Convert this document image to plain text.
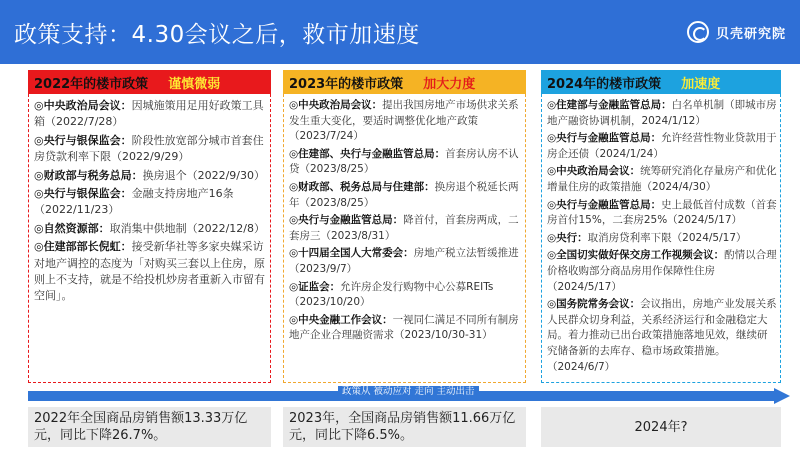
政策支持：4.30会议之后，救市加速度	贝壳研究院
2022年的楼市政策 谨慎微弱
◎中央政治局会议：因城施策用足用好政策工具箱（2022/7/28）
◎央行与银保监会：阶段性放宽部分城市首套住房贷款利率下限（2022/9/29）
◎财政部与税务总局：换房退个（2022/9/30）
◎央行与银保监会：金融支持房地产16条（2022/11/23）
◎自然资源部：取消集中供地制（2022/12/8）
◎住建部部长倪虹：接受新华社等多家央媒采访对地产调控的态度为「对购买三套以上住房，原则上不支持，就是不给投机炒房者重新入市留有空间」。
2023年的楼市政策 加大力度
◎中央政治局会议：提出我国房地产市场供求关系发生重大变化，要适时调整优化地产政策（2023/7/24）
◎住建部、央行与金融监管总局：首套房认房不认贷（2023/8/25）
◎财政部、税务总局与住建部：换房退个税延长两年（2023/8/25）
◎央行与金融监管总局：降首付，首套房两成，二套房三（2023/8/31）
◎十四届全国人大常委会：房地产税立法暂缓推进（2023/9/7）
◎证监会：允许房企发行购物中心公募REITs（2023/10/20）
◎中央金融工作会议：一视同仁满足不同所有制房地产企业合理融资需求（2023/10/30-31）
2024年的楼市政策 加速度
◎住建部与金融监管总局：白名单机制（即城市房地产融资协调机制，2024/1/12）
◎央行与金融监管总局：允许经营性物业贷款用于房企还债（2024/1/24）
◎中央政治局会议：统筹研究消化存量房产和优化增量住房的政策措施（2024/4/30）
◎央行与金融监管总局：史上最低首付成数（首套房首付15%，二套房25%（2024/5/17）
◎央行：取消房贷利率下限（2024/5/17）
◎全国切实做好保交房工作视频会议：酌情以合理价格收购部分商品房用作保障性住房（2024/5/17）
◎国务院常务会议：会议指出，房地产业发展关系人民群众切身利益，关系经济运行和金融稳定大局。着力推动已出台政策措施落地见效，继续研究储备新的去库存、稳市场政策措施。（2024/6/7）
政策从 被动应对 走向 主动出击
2022年全国商品房销售额13.33万亿元，同比下降26.7%。
2023年，全国商品房销售额11.66万亿元，同比下降6.5%。
2024年?
